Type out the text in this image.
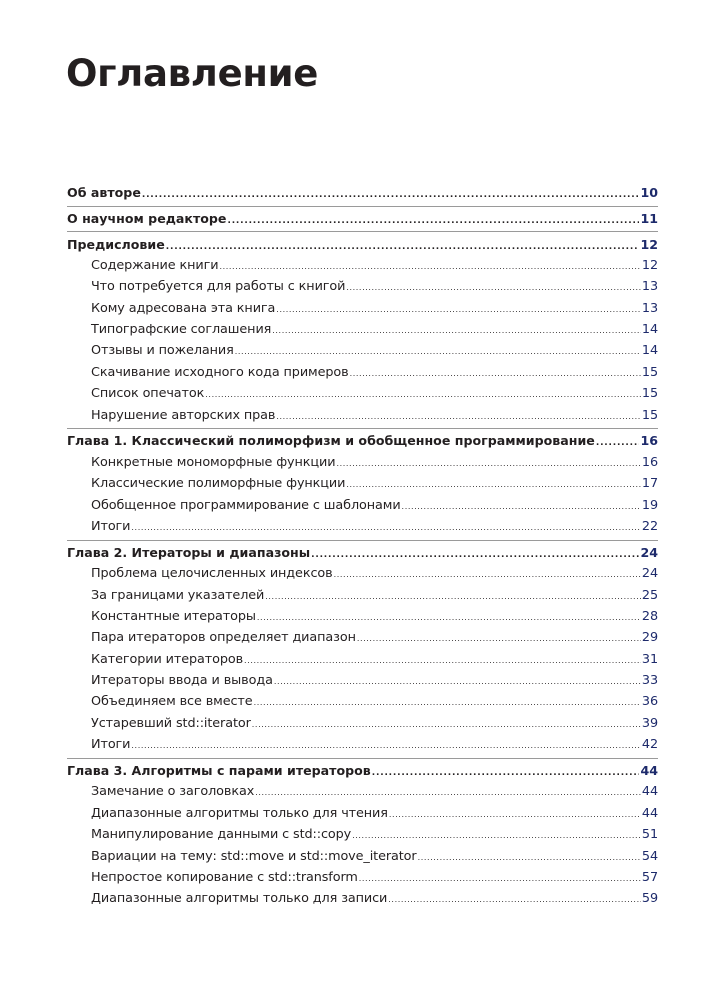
Оглавление
Об авторе .....	10
О научном редакторе .....	11
Предисловие .....	12
Содержание книги .....	12
Что потребуется для работы с книгой .....	13
Кому адресована эта книга .....	13
Типографские соглашения .....	14
Отзывы и пожелания .....	14
Скачивание исходного кода примеров .....	15
Список опечаток .....	15
Нарушение авторских прав .....	15
Глава 1. Классический полиморфизм и обобщенное программирование .....	16
Конкретные мономорфные функции .....	16
Классические полиморфные функции .....	17
Обобщенное программирование с шаблонами .....	19
Итоги .....	22
Глава 2. Итераторы и диапазоны .....	24
Проблема целочисленных индексов .....	24
За границами указателей .....	25
Константные итераторы .....	28
Пара итераторов определяет диапазон .....	29
Категории итераторов .....	31
Итераторы ввода и вывода .....	33
Объединяем все вместе .....	36
Устаревший std::iterator .....	39
Итоги .....	42
Глава 3. Алгоритмы с парами итераторов .....	44
Замечание о заголовках .....	44
Диапазонные алгоритмы только для чтения .....	44
Манипулирование данными с std::copy .....	51
Вариации на тему: std::move и std::move_iterator .....	54
Непростое копирование с std::transform .....	57
Диапазонные алгоритмы только для записи .....	59
